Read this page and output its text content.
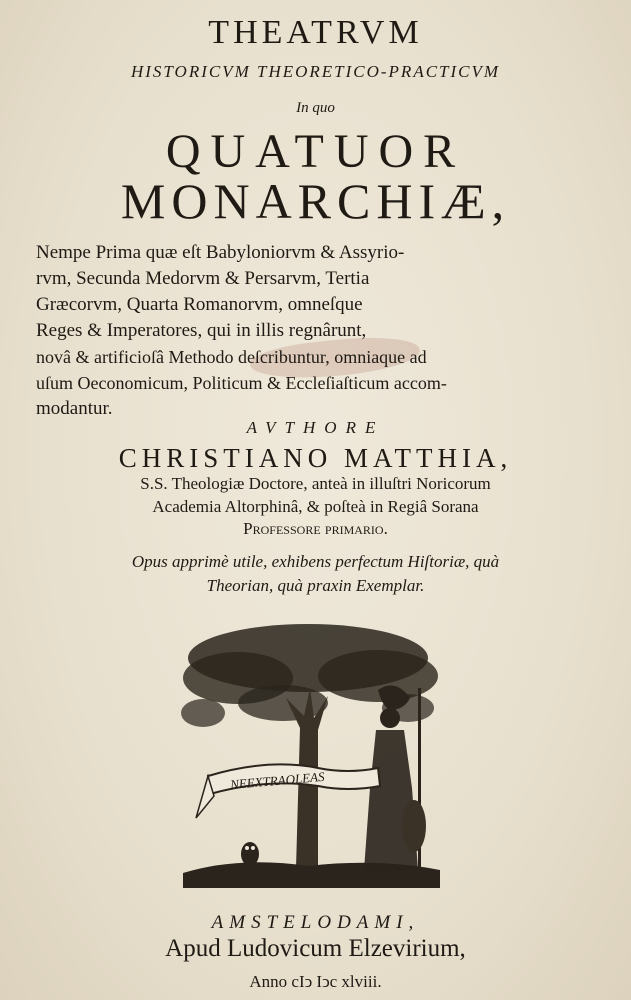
THEATRVM
HISTORICVM THEORETICO-PRACTICVM
In quo
QUATUOR
MONARCHIÆ,
Nempe Prima quæ eſt Babyloniorvm & Assyrio-
rvm, Secunda Medorvm & Persarvm, Tertia
Græcorvm, Quarta Romanorvm, omneſque
Reges & Imperatores, qui in illis regnârunt,
novâ & artificioſâ Methodo deſcribuntur, omniaque ad
uſum Oeconomicum, Politicum & Eccleſiaſticum accom-
modantur.
AVTHORE
CHRISTIANO MATTHIA,
S.S. Theologiæ Doctore, anteà in illuſtri Noricorum
Academia Altorphinâ, & poſteà in Regiâ Sorana
Professore primario.
Opus apprimè utile, exhibens perfectum Hiſtoriæ, quà
Theorian, quà praxin Exemplar.
NEEXTRAOLEAS
AMSTELODAMI,
Apud Ludovicum Elzevirium,
Anno cIↄ Iↄc xlviii.
